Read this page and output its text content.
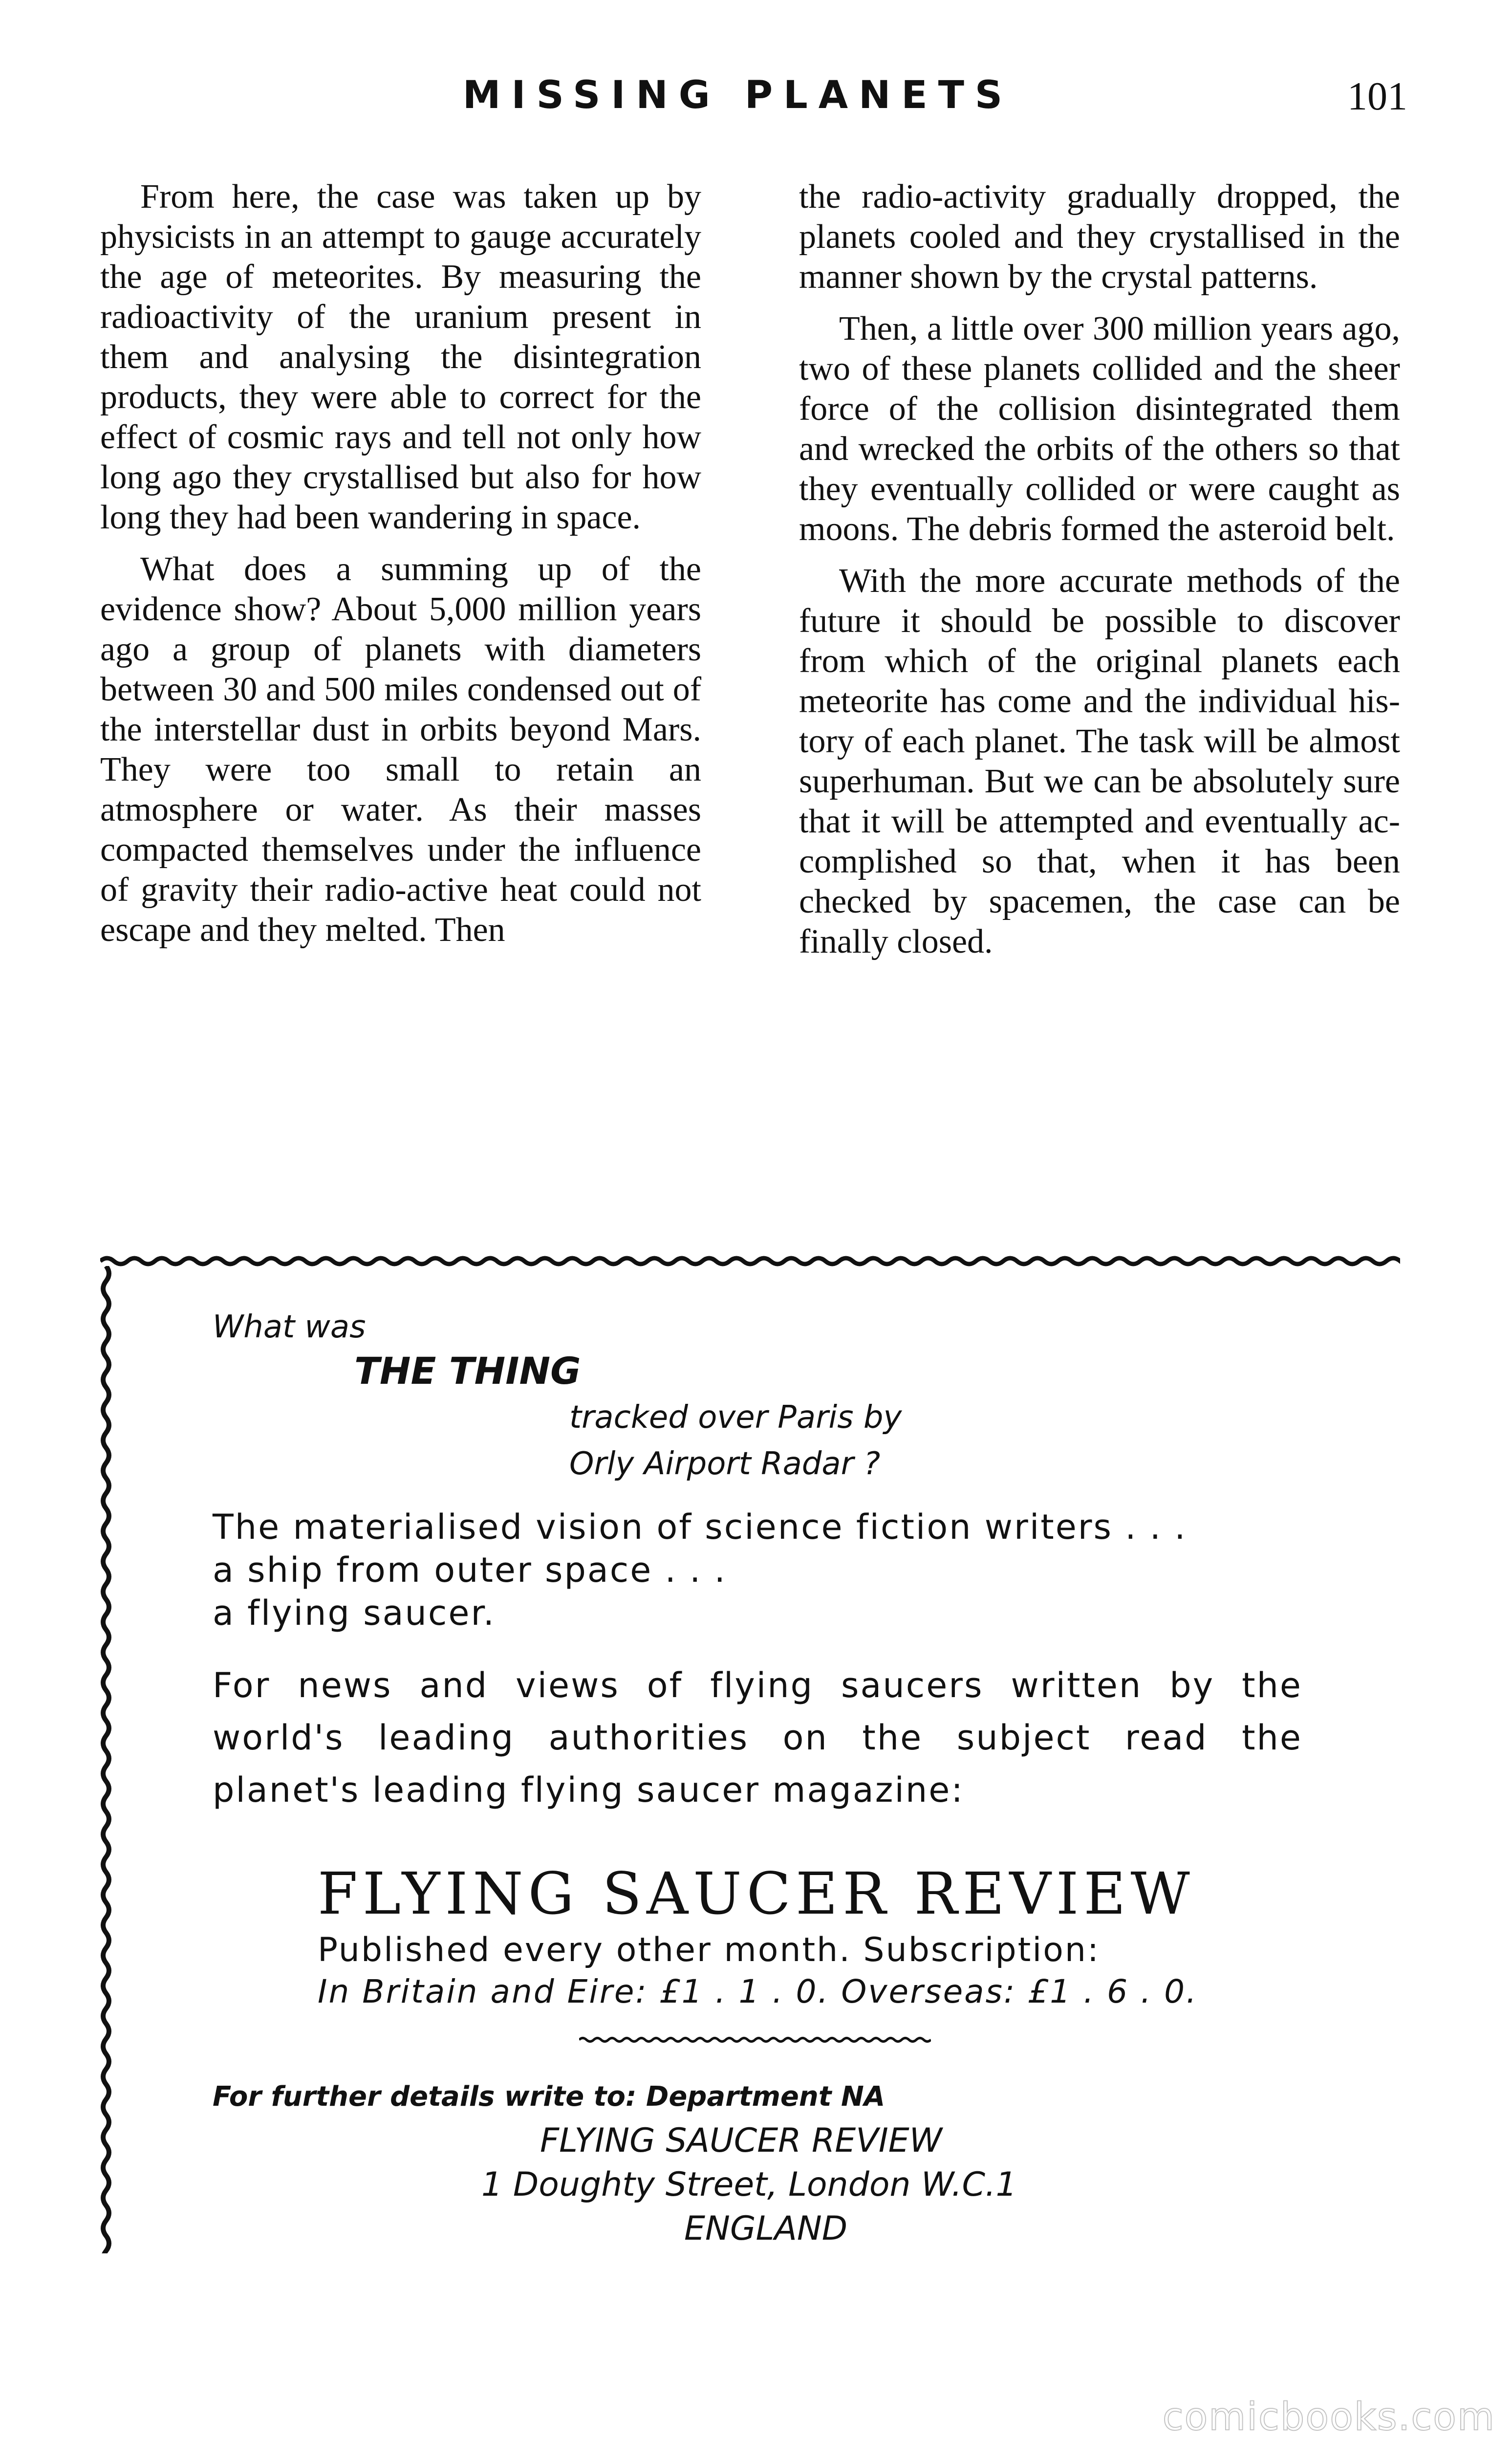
MISSING PLANETS	101

From here, the case was taken up by physicists in an attempt to gauge accurately the age of meteorites. By measuring the radioactivity of the uranium present in them and analysing the disintegration products, they were able to correct for the effect of cosmic rays and tell not only how long ago they crystallised but also for how long they had been wandering in space.

What does a summing up of the evidence show? About 5,000 million years ago a group of planets with diameters between 30 and 500 miles condensed out of the interstellar dust in orbits beyond Mars. They were too small to retain an atmosphere or water. As their masses compacted themselves under the influence of gravity their radio-active heat could not escape and they melted. Then

the radio-activity gradually dropped, the planets cooled and they crystallised in the manner shown by the crystal patterns.

Then, a little over 300 million years ago, two of these planets collided and the sheer force of the collision disintegrated them and wrecked the orbits of the others so that they eventually collided or were caught as moons. The debris formed the asteroid belt.

With the more accurate methods of the future it should be possible to discover from which of the original planets each meteorite has come and the individual history of each planet. The task will be almost superhuman. But we can be absolutely sure that it will be attempted and eventually accomplished so that, when it has been checked by spacemen, the case can be finally closed.

What was
THE THING
tracked over Paris by
Orly Airport Radar ?
The materialised vision of science fiction writers . . .
a ship from outer space . . .
a flying saucer.
For news and views of flying saucers written by the world's leading authorities on the subject read the planet's leading flying saucer magazine:
FLYING SAUCER REVIEW
Published every other month. Subscription:
In Britain and Eire: £1 . 1 . 0. Overseas: £1 . 6 . 0.
For further details write to: Department NA
FLYING SAUCER REVIEW
1 Doughty Street, London W.C.1
ENGLAND
comicbooks.com
